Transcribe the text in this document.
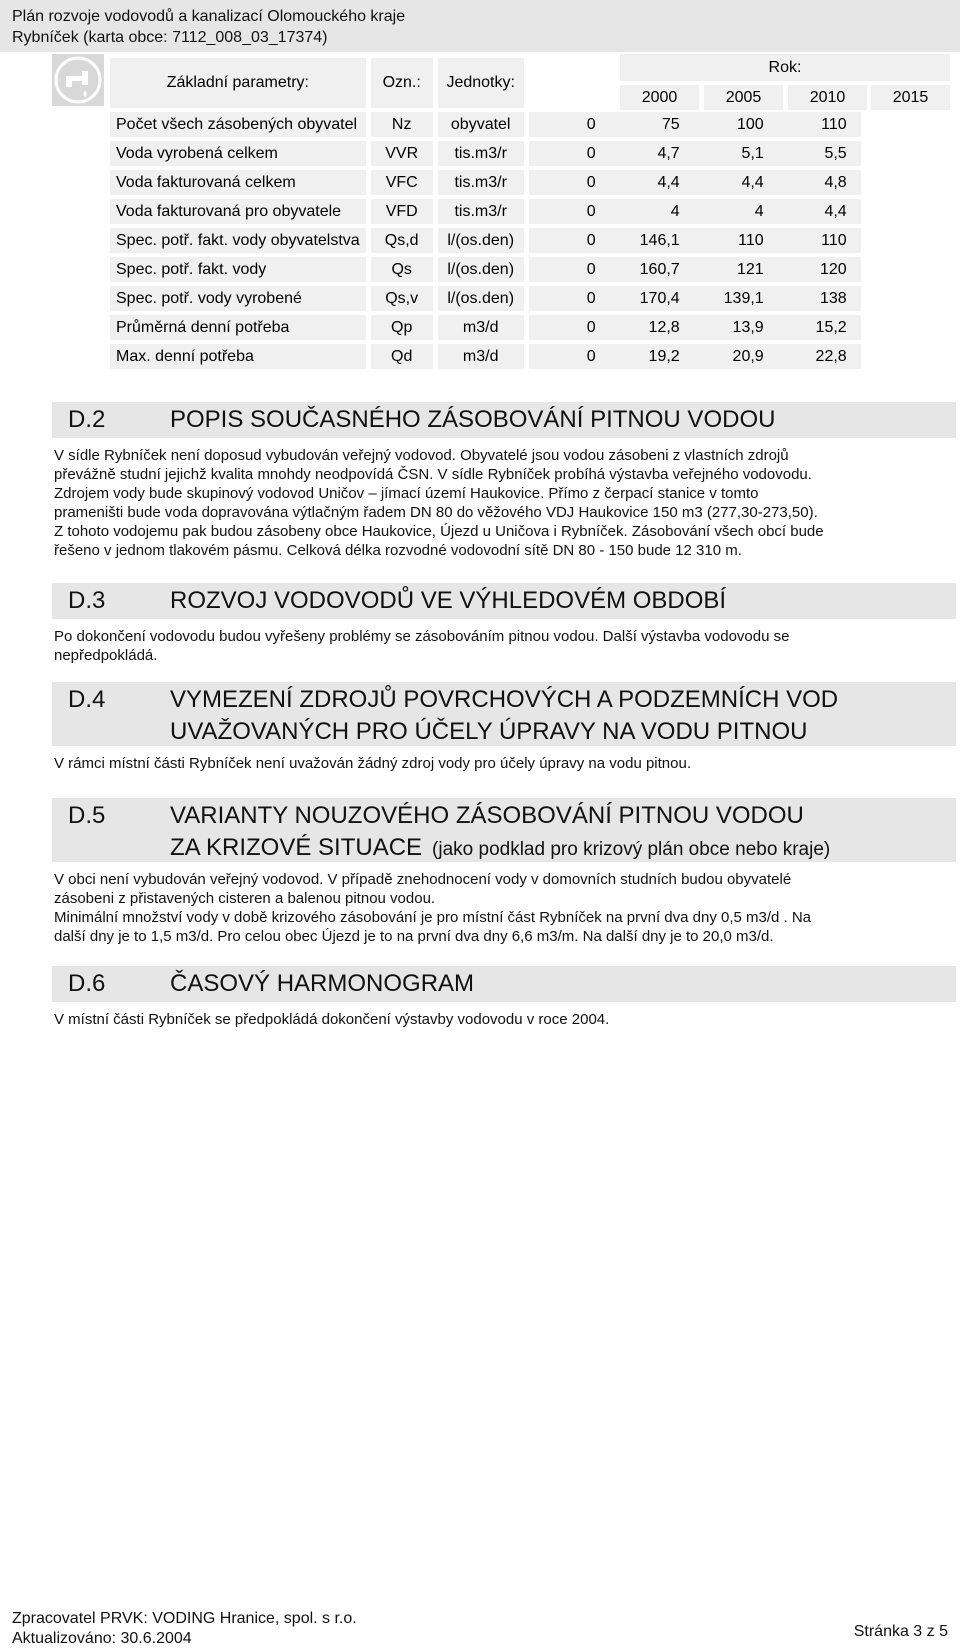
Plán rozvoje vodovodů a kanalizací Olomouckého kraje
Rybníček (karta obce: 7112_008_03_17374)
Rok:
2000	2005	2010	2015
Základní parametry:	Ozn.:	Jednotky:	
Počet všech zásobených obyvatel	Nz	obyvatel	0 75 100 110

Voda vyrobená celkem	VVR	tis.m3/r	0 4,7 5,1 5,5

Voda fakturovaná celkem	VFC	tis.m3/r	0 4,4 4,4 4,8

Voda fakturovaná pro obyvatele	VFD	tis.m3/r	0 4 4 4,4

Spec. potř. fakt. vody obyvatelstva	Qs,d	l/(os.den)	0 146,1 110 110

Spec. potř. fakt. vody	Qs	l/(os.den)	0 160,7 121 120

Spec. potř. vody vyrobené	Qs,v	l/(os.den)	0 170,4 139,1 138

Průměrná denní potřeba	Qp	m3/d	0 12,8 13,9 15,2

Max. denní potřeba	Qd	m3/d	0 19,2 20,9 22,8
D.2	POPIS SOUČASNÉHO ZÁSOBOVÁNÍ PITNOU VODOU
V sídle Rybníček není doposud vybudován veřejný vodovod. Obyvatelé jsou vodou zásobeni z vlastních zdrojů
převážně studní jejichž kvalita mnohdy neodpovídá ČSN. V sídle Rybníček probíhá výstavba veřejného vodovodu.
Zdrojem vody bude skupinový vodovod Uničov – jímací území Haukovice. Přímo z čerpací stanice v tomto
prameništi bude voda dopravována výtlačným řadem DN 80 do věžového VDJ Haukovice 150 m3 (277,30-273,50).
Z tohoto vodojemu pak budou zásobeny obce Haukovice, Újezd u Uničova i Rybníček. Zásobování všech obcí bude
řešeno v jednom tlakovém pásmu. Celková délka rozvodné vodovodní sítě DN 80 - 150 bude 12 310 m.
D.3	ROZVOJ VODOVODŮ VE VÝHLEDOVÉM OBDOBÍ
Po dokončení vodovodu budou vyřešeny problémy se zásobováním pitnou vodou. Další výstavba vodovodu se
nepředpokládá.
D.4	VYMEZENÍ ZDROJŮ POVRCHOVÝCH A PODZEMNÍCH VOD
UVAŽOVANÝCH PRO ÚČELY ÚPRAVY NA VODU PITNOU
V rámci místní části Rybníček není uvažován žádný zdroj vody pro účely úpravy na vodu pitnou.
D.5	VARIANTY NOUZOVÉHO ZÁSOBOVÁNÍ PITNOU VODOU
ZA KRIZOVÉ SITUACE (jako podklad pro krizový plán obce nebo kraje)
V obci není vybudován veřejný vodovod. V případě znehodnocení vody v domovních studních budou obyvatelé
zásobeni z přistavených cisteren a balenou pitnou vodou.
Minimální množství vody v době krizového zásobování je pro místní část Rybníček na první dva dny 0,5 m3/d . Na
další dny je to 1,5 m3/d. Pro celou obec Újezd je to na první dva dny 6,6 m3/m. Na další dny je to 20,0 m3/d.
D.6	ČASOVÝ HARMONOGRAM
V místní části Rybníček se předpokládá dokončení výstavby vodovodu v roce 2004.
Zpracovatel PRVK: VODING Hranice, spol. s r.o.
Aktualizováno: 30.6.2004	Stránka 3 z 5
